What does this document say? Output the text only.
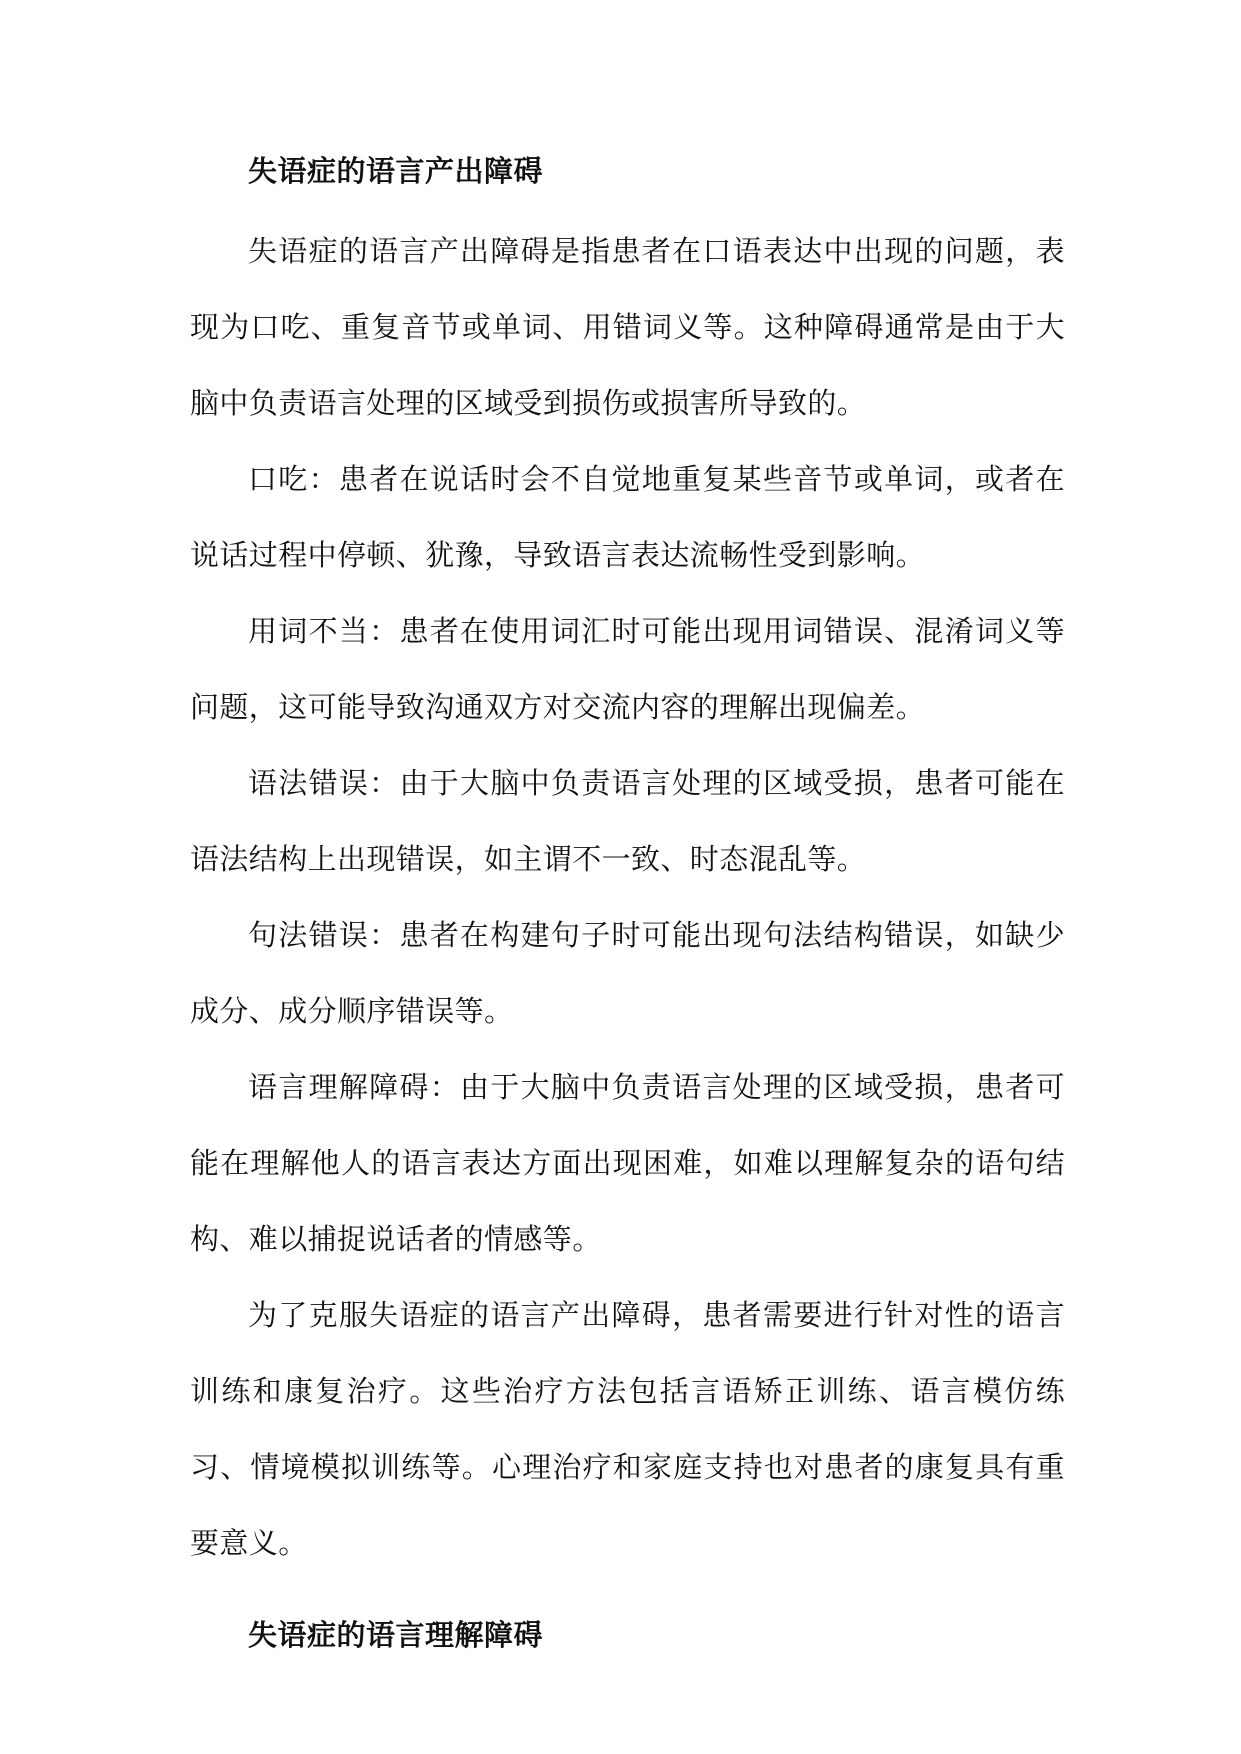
失语症的语言产出障碍

失语症的语言产出障碍是指患者在口语表达中出现的问题，表现为口吃、重复音节或单词、用错词义等。这种障碍通常是由于大脑中负责语言处理的区域受到损伤或损害所导致的。

口吃：患者在说话时会不自觉地重复某些音节或单词，或者在说话过程中停顿、犹豫，导致语言表达流畅性受到影响。

用词不当：患者在使用词汇时可能出现用词错误、混淆词义等问题，这可能导致沟通双方对交流内容的理解出现偏差。

语法错误：由于大脑中负责语言处理的区域受损，患者可能在语法结构上出现错误，如主谓不一致、时态混乱等。

句法错误：患者在构建句子时可能出现句法结构错误，如缺少成分、成分顺序错误等。

语言理解障碍：由于大脑中负责语言处理的区域受损，患者可能在理解他人的语言表达方面出现困难，如难以理解复杂的语句结构、难以捕捉说话者的情感等。

为了克服失语症的语言产出障碍，患者需要进行针对性的语言训练和康复治疗。这些治疗方法包括言语矫正训练、语言模仿练习、情境模拟训练等。心理治疗和家庭支持也对患者的康复具有重要意义。

失语症的语言理解障碍
